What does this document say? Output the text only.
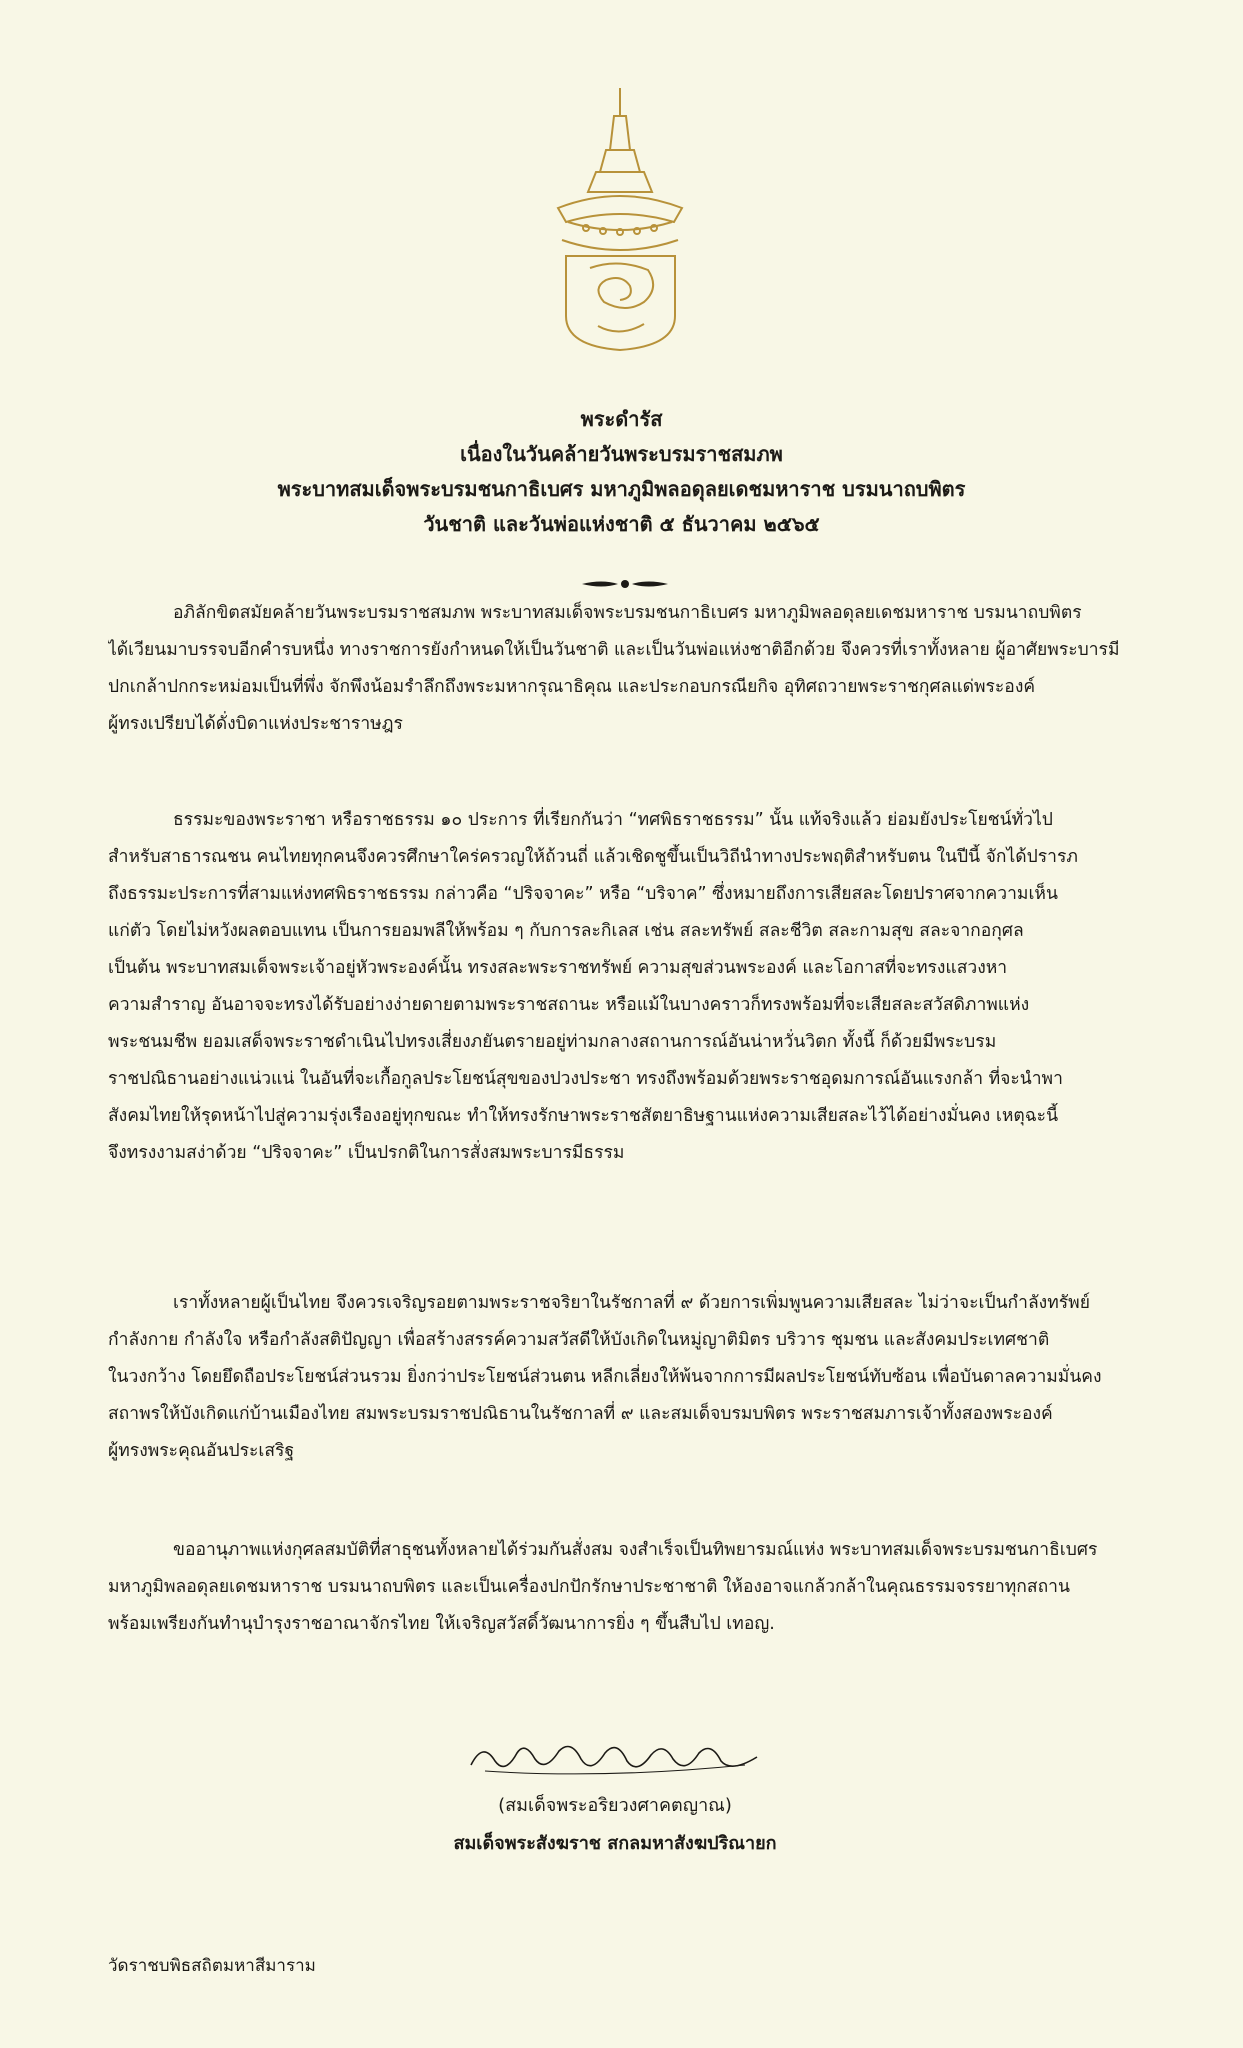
พระดำรัส
เนื่องในวันคล้ายวันพระบรมราชสมภพ
พระบาทสมเด็จพระบรมชนกาธิเบศร มหาภูมิพลอดุลยเดชมหาราช บรมนาถบพิตร
วันชาติ และวันพ่อแห่งชาติ ๕ ธันวาคม ๒๕๖๕
อภิลักขิตสมัยคล้ายวันพระบรมราชสมภพ พระบาทสมเด็จพระบรมชนกาธิเบศร มหาภูมิพลอดุลยเดชมหาราช บรมนาถบพิตร
ได้เวียนมาบรรจบอีกคำรบหนึ่ง ทางราชการยังกำหนดให้เป็นวันชาติ และเป็นวันพ่อแห่งชาติอีกด้วย จึงควรที่เราทั้งหลาย ผู้อาศัยพระบารมี
ปกเกล้าปกกระหม่อมเป็นที่พึ่ง จักพึงน้อมรำลึกถึงพระมหากรุณาธิคุณ และประกอบกรณียกิจ อุทิศถวายพระราชกุศลแด่พระองค์
ผู้ทรงเปรียบได้ดั่งบิดาแห่งประชาราษฎร
ธรรมะของพระราชา หรือราชธรรม ๑๐ ประการ ที่เรียกกันว่า “ทศพิธราชธรรม” นั้น แท้จริงแล้ว ย่อมยังประโยชน์ทั่วไป
สำหรับสาธารณชน คนไทยทุกคนจึงควรศึกษาใคร่ครวญให้ถ้วนถี่ แล้วเชิดชูขึ้นเป็นวิถีนำทางประพฤติสำหรับตน ในปีนี้ จักได้ปรารภ
ถึงธรรมะประการที่สามแห่งทศพิธราชธรรม กล่าวคือ “ปริจจาคะ” หรือ “บริจาค” ซึ่งหมายถึงการเสียสละโดยปราศจากความเห็น
แก่ตัว โดยไม่หวังผลตอบแทน เป็นการยอมพลีให้พร้อม ๆ กับการละกิเลส เช่น สละทรัพย์ สละชีวิต สละกามสุข สละจากอกุศล
เป็นต้น พระบาทสมเด็จพระเจ้าอยู่หัวพระองค์นั้น ทรงสละพระราชทรัพย์ ความสุขส่วนพระองค์ และโอกาสที่จะทรงแสวงหา
ความสำราญ อันอาจจะทรงได้รับอย่างง่ายดายตามพระราชสถานะ หรือแม้ในบางคราวก็ทรงพร้อมที่จะเสียสละสวัสดิภาพแห่ง
พระชนมชีพ ยอมเสด็จพระราชดำเนินไปทรงเสี่ยงภยันตรายอยู่ท่ามกลางสถานการณ์อันน่าหวั่นวิตก ทั้งนี้ ก็ด้วยมีพระบรม
ราชปณิธานอย่างแน่วแน่ ในอันที่จะเกื้อกูลประโยชน์สุขของปวงประชา ทรงถึงพร้อมด้วยพระราชอุดมการณ์อันแรงกล้า ที่จะนำพา
สังคมไทยให้รุดหน้าไปสู่ความรุ่งเรืองอยู่ทุกขณะ ทำให้ทรงรักษาพระราชสัตยาธิษฐานแห่งความเสียสละไว้ได้อย่างมั่นคง เหตุฉะนี้
จึงทรงงามสง่าด้วย “ปริจจาคะ” เป็นปรกติในการสั่งสมพระบารมีธรรม
เราทั้งหลายผู้เป็นไทย จึงควรเจริญรอยตามพระราชจริยาในรัชกาลที่ ๙ ด้วยการเพิ่มพูนความเสียสละ ไม่ว่าจะเป็นกำลังทรัพย์
กำลังกาย กำลังใจ หรือกำลังสติปัญญา เพื่อสร้างสรรค์ความสวัสดีให้บังเกิดในหมู่ญาติมิตร บริวาร ชุมชน และสังคมประเทศชาติ
ในวงกว้าง โดยยึดถือประโยชน์ส่วนรวม ยิ่งกว่าประโยชน์ส่วนตน หลีกเลี่ยงให้พ้นจากการมีผลประโยชน์ทับซ้อน เพื่อบันดาลความมั่นคง
สถาพรให้บังเกิดแก่บ้านเมืองไทย สมพระบรมราชปณิธานในรัชกาลที่ ๙ และสมเด็จบรมบพิตร พระราชสมภารเจ้าทั้งสองพระองค์
ผู้ทรงพระคุณอันประเสริฐ
ขออานุภาพแห่งกุศลสมบัติที่สาธุชนทั้งหลายได้ร่วมกันสั่งสม จงสำเร็จเป็นทิพยารมณ์แห่ง พระบาทสมเด็จพระบรมชนกาธิเบศร
มหาภูมิพลอดุลยเดชมหาราช บรมนาถบพิตร และเป็นเครื่องปกปักรักษาประชาชาติ ให้องอาจแกล้วกล้าในคุณธรรมจรรยาทุกสถาน
พร้อมเพรียงกันทำนุบำรุงราชอาณาจักรไทย ให้เจริญสวัสดิ์วัฒนาการยิ่ง ๆ ขึ้นสืบไป เทอญ.
(สมเด็จพระอริยวงศาคตญาณ)
สมเด็จพระสังฆราช สกลมหาสังฆปริณายก
วัดราชบพิธสถิตมหาสีมาราม
